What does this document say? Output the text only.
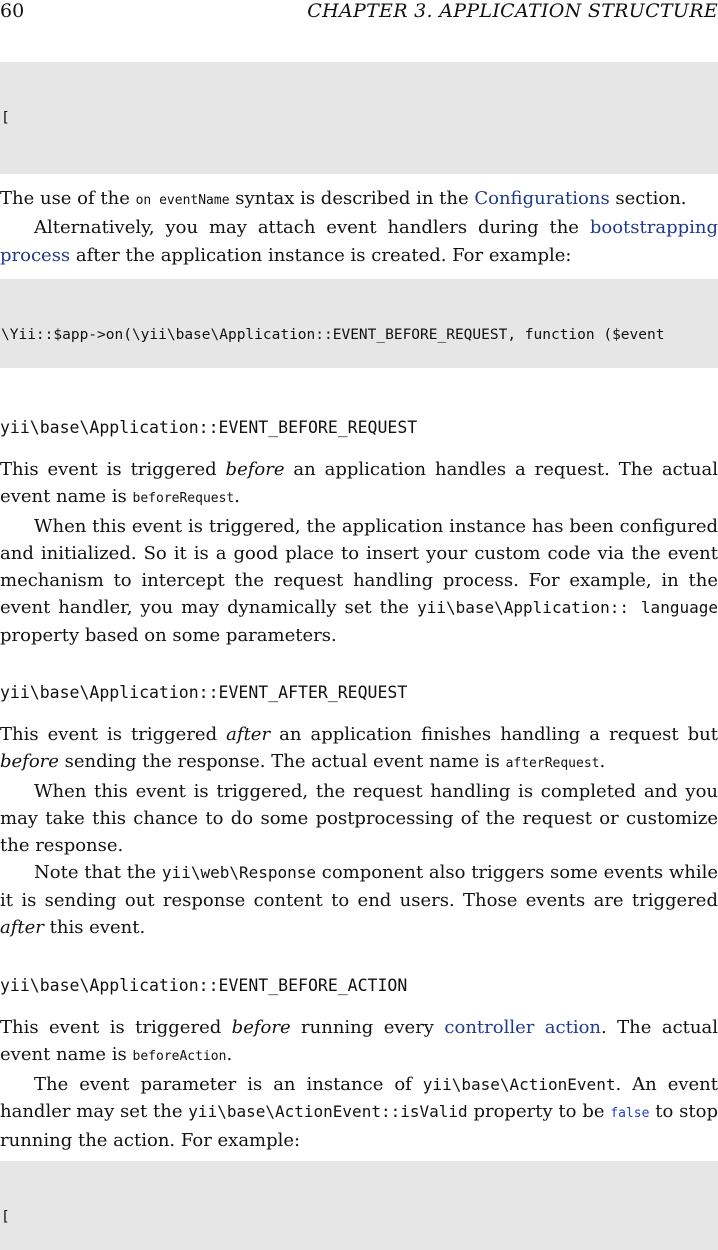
60	CHAPTER 3. APPLICATION STRUCTURE

[

The use of the on eventName syntax is described in the Configurations section.

Alternatively, you may attach event handlers during the bootstrapping process after the application instance is created. For example:

\Yii::$app->on(\yii\base\Application::EVENT_BEFORE_REQUEST, function ($event

yii\base\Application::EVENT_BEFORE_REQUEST

This event is triggered before an application handles a request. The actual event name is beforeRequest.

When this event is triggered, the application instance has been configured and initialized. So it is a good place to insert your custom code via the event mechanism to intercept the request handling process. For example, in the event handler, you may dynamically set the yii\base\Application:: language property based on some parameters.

yii\base\Application::EVENT_AFTER_REQUEST

This event is triggered after an application finishes handling a request but before sending the response. The actual event name is afterRequest.

When this event is triggered, the request handling is completed and you may take this chance to do some postprocessing of the request or customize the response.

Note that the yii\web\Response component also triggers some events while it is sending out response content to end users. Those events are triggered after this event.

yii\base\Application::EVENT_BEFORE_ACTION

This event is triggered before running every controller action. The actual event name is beforeAction.

The event parameter is an instance of yii\base\ActionEvent. An event handler may set the yii\base\ActionEvent::isValid property to be false to stop running the action. For example:

[
